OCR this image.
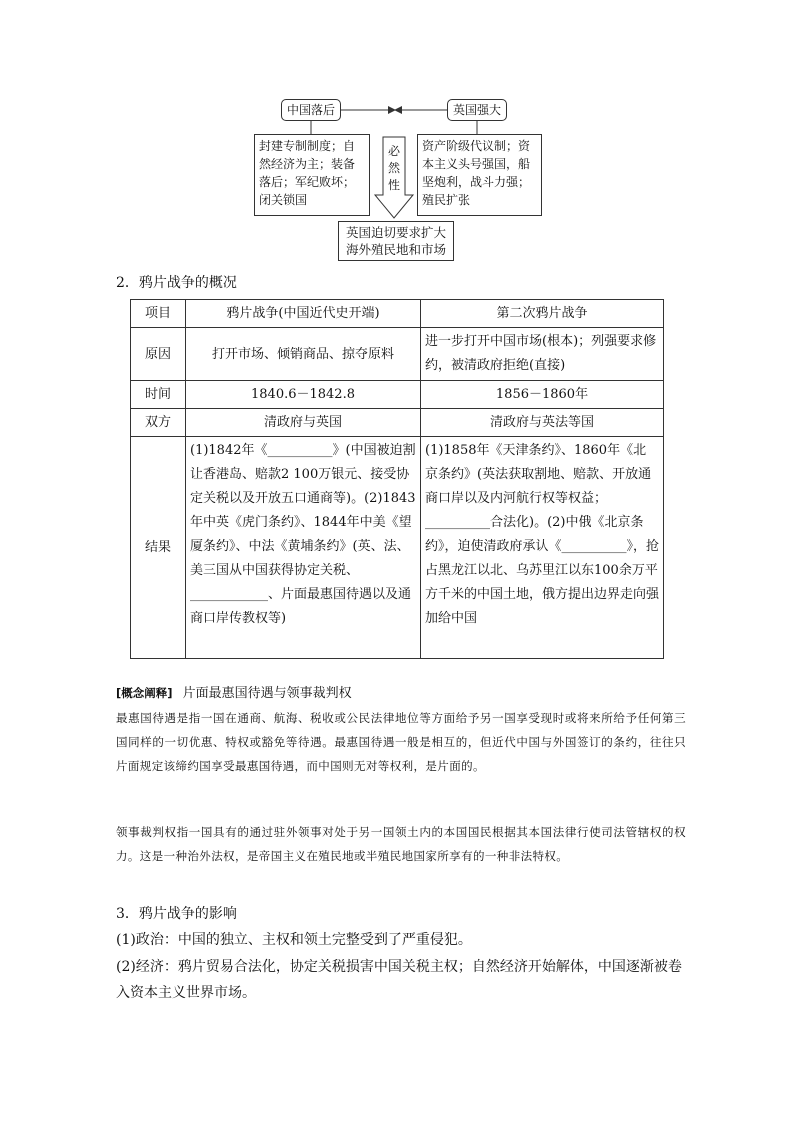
中国落后	英国强大
封建专制制度；自然经济为主；装备落后；军纪败坏；闭关锁国
资产阶级代议制；资本主义头号强国，船坚炮利，战斗力强；殖民扩张
必然性
英国迫切要求扩大海外殖民地和市场
2．鸦片战争的概况
项目	鸦片战争(中国近代史开端)	第二次鸦片战争
原因	打开市场、倾销商品、掠夺原料	进一步打开中国市场(根本)；列强要求修约，被清政府拒绝(直接)
时间	1840.6－1842.8	1856－1860年
双方	清政府与英国	清政府与英法等国
结果	(1)1842年《__________》(中国被迫割让香港岛、赔款2 100万银元、接受协定关税以及开放五口通商等)。(2)1843年中英《虎门条约》、1844年中美《望厦条约》、中法《黄埔条约》(英、法、美三国从中国获得协定关税、____________、片面最惠国待遇以及通商口岸传教权等)	(1)1858年《天津条约》、1860年《北京条约》(英法获取割地、赔款、开放通商口岸以及内河航行权等权益；__________合法化)。(2)中俄《北京条约》，迫使清政府承认《__________》，抢占黑龙江以北、乌苏里江以东100余万平方千米的中国土地，俄方提出边界走向强加给中国
[概念阐释] 片面最惠国待遇与领事裁判权
最惠国待遇是指一国在通商、航海、税收或公民法律地位等方面给予另一国享受现时或将来所给予任何第三国同样的一切优惠、特权或豁免等待遇。最惠国待遇一般是相互的，但近代中国与外国签订的条约，往往只片面规定该缔约国享受最惠国待遇，而中国则无对等权利，是片面的。
领事裁判权指一国具有的通过驻外领事对处于另一国领土内的本国国民根据其本国法律行使司法管辖权的权力。这是一种治外法权，是帝国主义在殖民地或半殖民地国家所享有的一种非法特权。
3．鸦片战争的影响
(1)政治：中国的独立、主权和领土完整受到了严重侵犯。
(2)经济：鸦片贸易合法化，协定关税损害中国关税主权；自然经济开始解体，中国逐渐被卷入资本主义世界市场。
